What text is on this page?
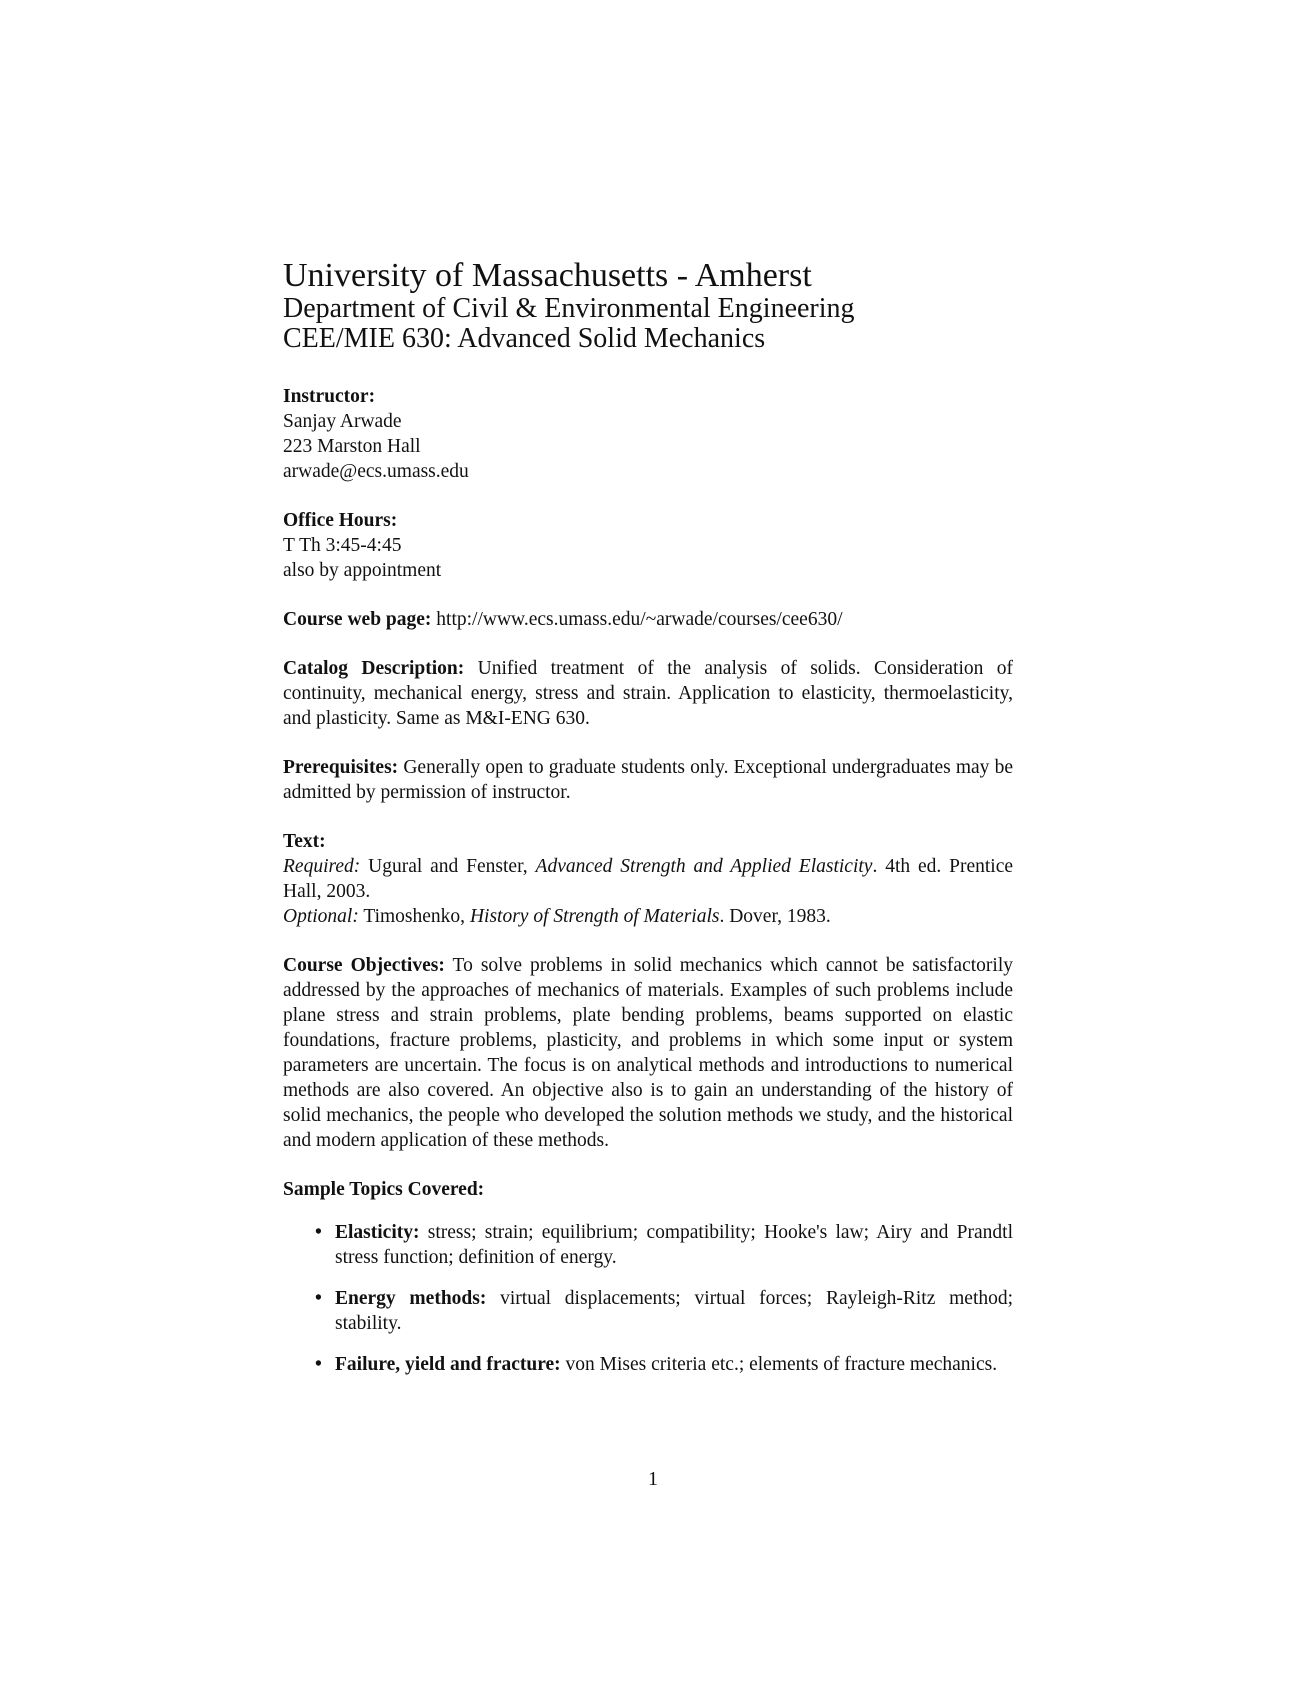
University of Massachusetts - Amherst
Department of Civil & Environmental Engineering
CEE/MIE 630: Advanced Solid Mechanics
Instructor:
Sanjay Arwade
223 Marston Hall
arwade@ecs.umass.edu
Office Hours:
T Th 3:45-4:45
also by appointment
Course web page: http://www.ecs.umass.edu/~arwade/courses/cee630/
Catalog Description: Unified treatment of the analysis of solids. Consideration of continuity, mechanical energy, stress and strain. Application to elasticity, thermoelasticity, and plasticity. Same as M&I-ENG 630.
Prerequisites: Generally open to graduate students only. Exceptional undergraduates may be admitted by permission of instructor.
Text:
Required: Ugural and Fenster, Advanced Strength and Applied Elasticity. 4th ed. Prentice Hall, 2003.
Optional: Timoshenko, History of Strength of Materials. Dover, 1983.
Course Objectives: To solve problems in solid mechanics which cannot be satisfactorily addressed by the approaches of mechanics of materials. Examples of such problems include plane stress and strain problems, plate bending problems, beams supported on elastic foundations, fracture problems, plasticity, and problems in which some input or system parameters are uncertain. The focus is on analytical methods and introductions to numerical methods are also covered. An objective also is to gain an understanding of the history of solid mechanics, the people who developed the solution methods we study, and the historical and modern application of these methods.
Sample Topics Covered:
• Elasticity: stress; strain; equilibrium; compatibility; Hooke's law; Airy and Prandtl stress function; definition of energy.
• Energy methods: virtual displacements; virtual forces; Rayleigh-Ritz method; stability.
• Failure, yield and fracture: von Mises criteria etc.; elements of fracture mechanics.
1
